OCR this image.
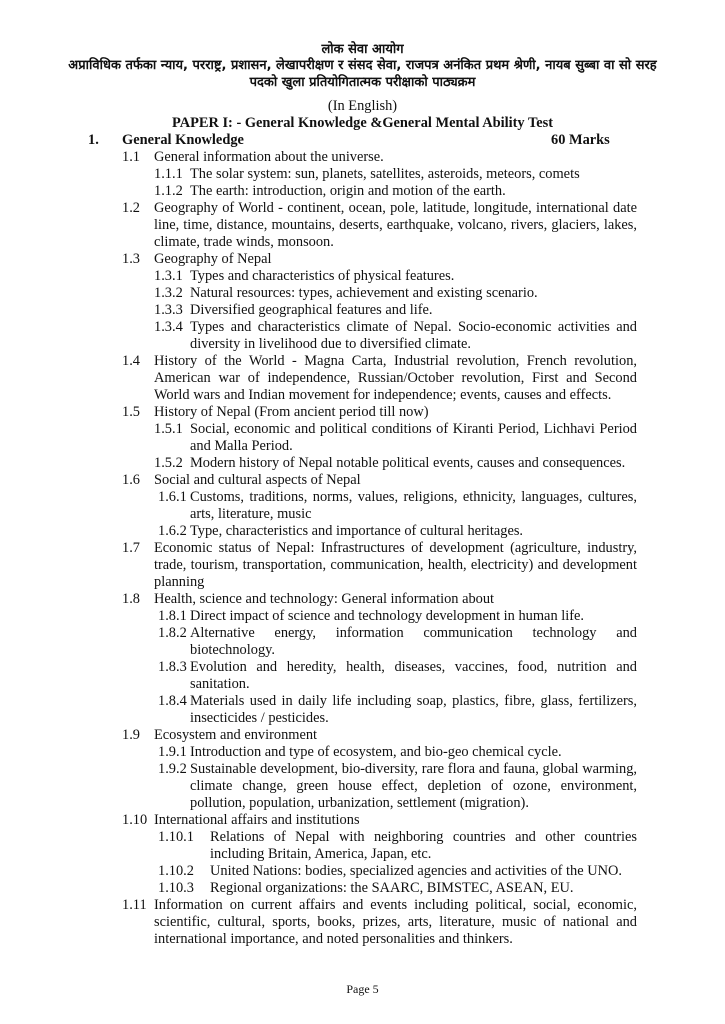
लोक सेवा आयोग
अप्राविधिक तर्फका न्याय, परराष्ट्र, प्रशासन, लेखापरीक्षण र संसद सेवा, राजपत्र अनंकित प्रथम श्रेणी, नायब सुब्बा वा सो सरह
पदको खुला प्रतियोगितात्मक परीक्षाको पाठ्यक्रम
(In English)
PAPER I: - General Knowledge &General Mental Ability Test
1. General Knowledge	60 Marks
1.1 General information about the universe.
1.1.1 The solar system: sun, planets, satellites, asteroids, meteors, comets
1.1.2 The earth: introduction, origin and motion of the earth.
1.2 Geography of World - continent, ocean, pole, latitude, longitude, international date line, time, distance, mountains, deserts, earthquake, volcano, rivers, glaciers, lakes, climate, trade winds, monsoon.
1.3 Geography of Nepal
1.3.1 Types and characteristics of physical features.
1.3.2 Natural resources: types, achievement and existing scenario.
1.3.3 Diversified geographical features and life.
1.3.4 Types and characteristics climate of Nepal. Socio-economic activities and diversity in livelihood due to diversified climate.
1.4 History of the World - Magna Carta, Industrial revolution, French revolution, American war of independence, Russian/October revolution, First and Second World wars and Indian movement for independence; events, causes and effects.
1.5 History of Nepal (From ancient period till now)
1.5.1 Social, economic and political conditions of Kiranti Period, Lichhavi Period and Malla Period.
1.5.2 Modern history of Nepal notable political events, causes and consequences.
1.6 Social and cultural aspects of Nepal
1.6.1 Customs, traditions, norms, values, religions, ethnicity, languages, cultures, arts, literature, music
1.6.2 Type, characteristics and importance of cultural heritages.
1.7 Economic status of Nepal: Infrastructures of development (agriculture, industry, trade, tourism, transportation, communication, health, electricity) and development planning
1.8 Health, science and technology: General information about
1.8.1 Direct impact of science and technology development in human life.
1.8.2 Alternative energy, information communication technology and biotechnology.
1.8.3 Evolution and heredity, health, diseases, vaccines, food, nutrition and sanitation.
1.8.4 Materials used in daily life including soap, plastics, fibre, glass, fertilizers, insecticides / pesticides.
1.9 Ecosystem and environment
1.9.1 Introduction and type of ecosystem, and bio-geo chemical cycle.
1.9.2 Sustainable development, bio-diversity, rare flora and fauna, global warming, climate change, green house effect, depletion of ozone, environment, pollution, population, urbanization, settlement (migration).
1.10 International affairs and institutions
1.10.1 Relations of Nepal with neighboring countries and other countries including Britain, America, Japan, etc.
1.10.2 United Nations: bodies, specialized agencies and activities of the UNO.
1.10.3 Regional organizations: the SAARC, BIMSTEC, ASEAN, EU.
1.11 Information on current affairs and events including political, social, economic, scientific, cultural, sports, books, prizes, arts, literature, music of national and international importance, and noted personalities and thinkers.
Page 5
